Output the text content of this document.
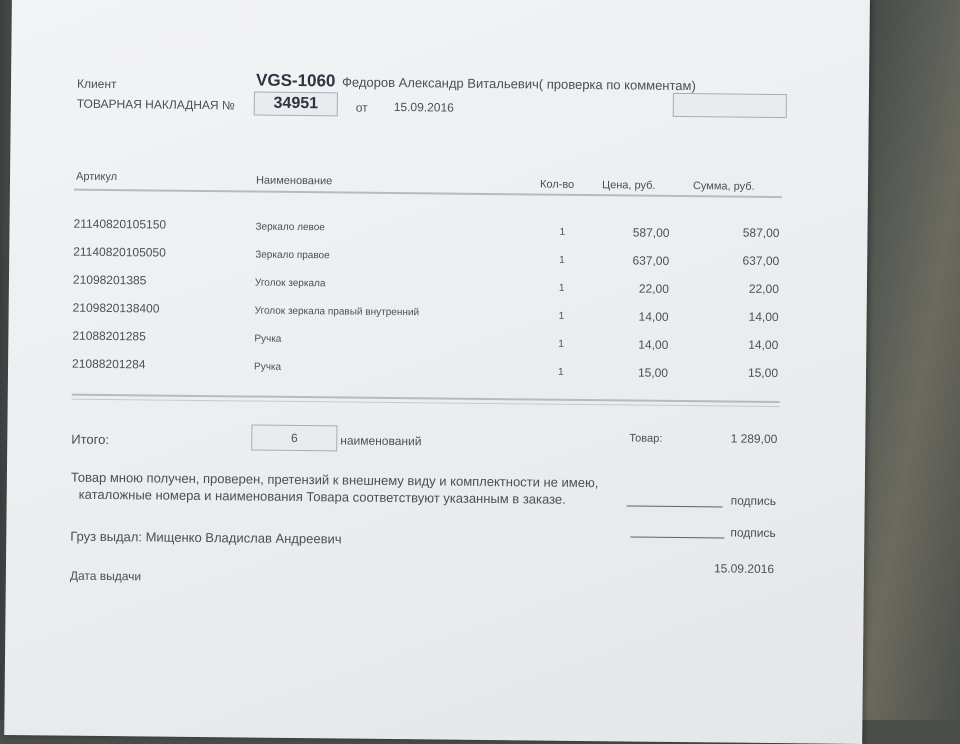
Клиент	VGS-1060 Федоров Александр Витальевич( проверка по комментам)
ТОВАРНАЯ НАКЛАДНАЯ №	34951	от 15.09.2016
Артикул	Наименование	Кол-во	Цена, руб.	Сумма, руб.
21140820105150	Зеркало левое	1	587,00	587,00
21140820105050	Зеркало правое	1	637,00	637,00
21098201385	Уголок зеркала	1	22,00	22,00
2109820138400	Уголок зеркала правый внутренний	1	14,00	14,00
21088201285	Ручка	1	14,00	14,00
21088201284	Ручка	1	15,00	15,00
Итого:	6	наименований	Товар:	1 289,00
Товар мною получен, проверен, претензий к внешнему виду и комплектности не имею,
каталожные номера и наименования Товара соответствуют указанным в заказе.	подпись
Груз выдал: Мищенко Владислав Андреевич	подпись
Дата выдачи	15.09.2016
